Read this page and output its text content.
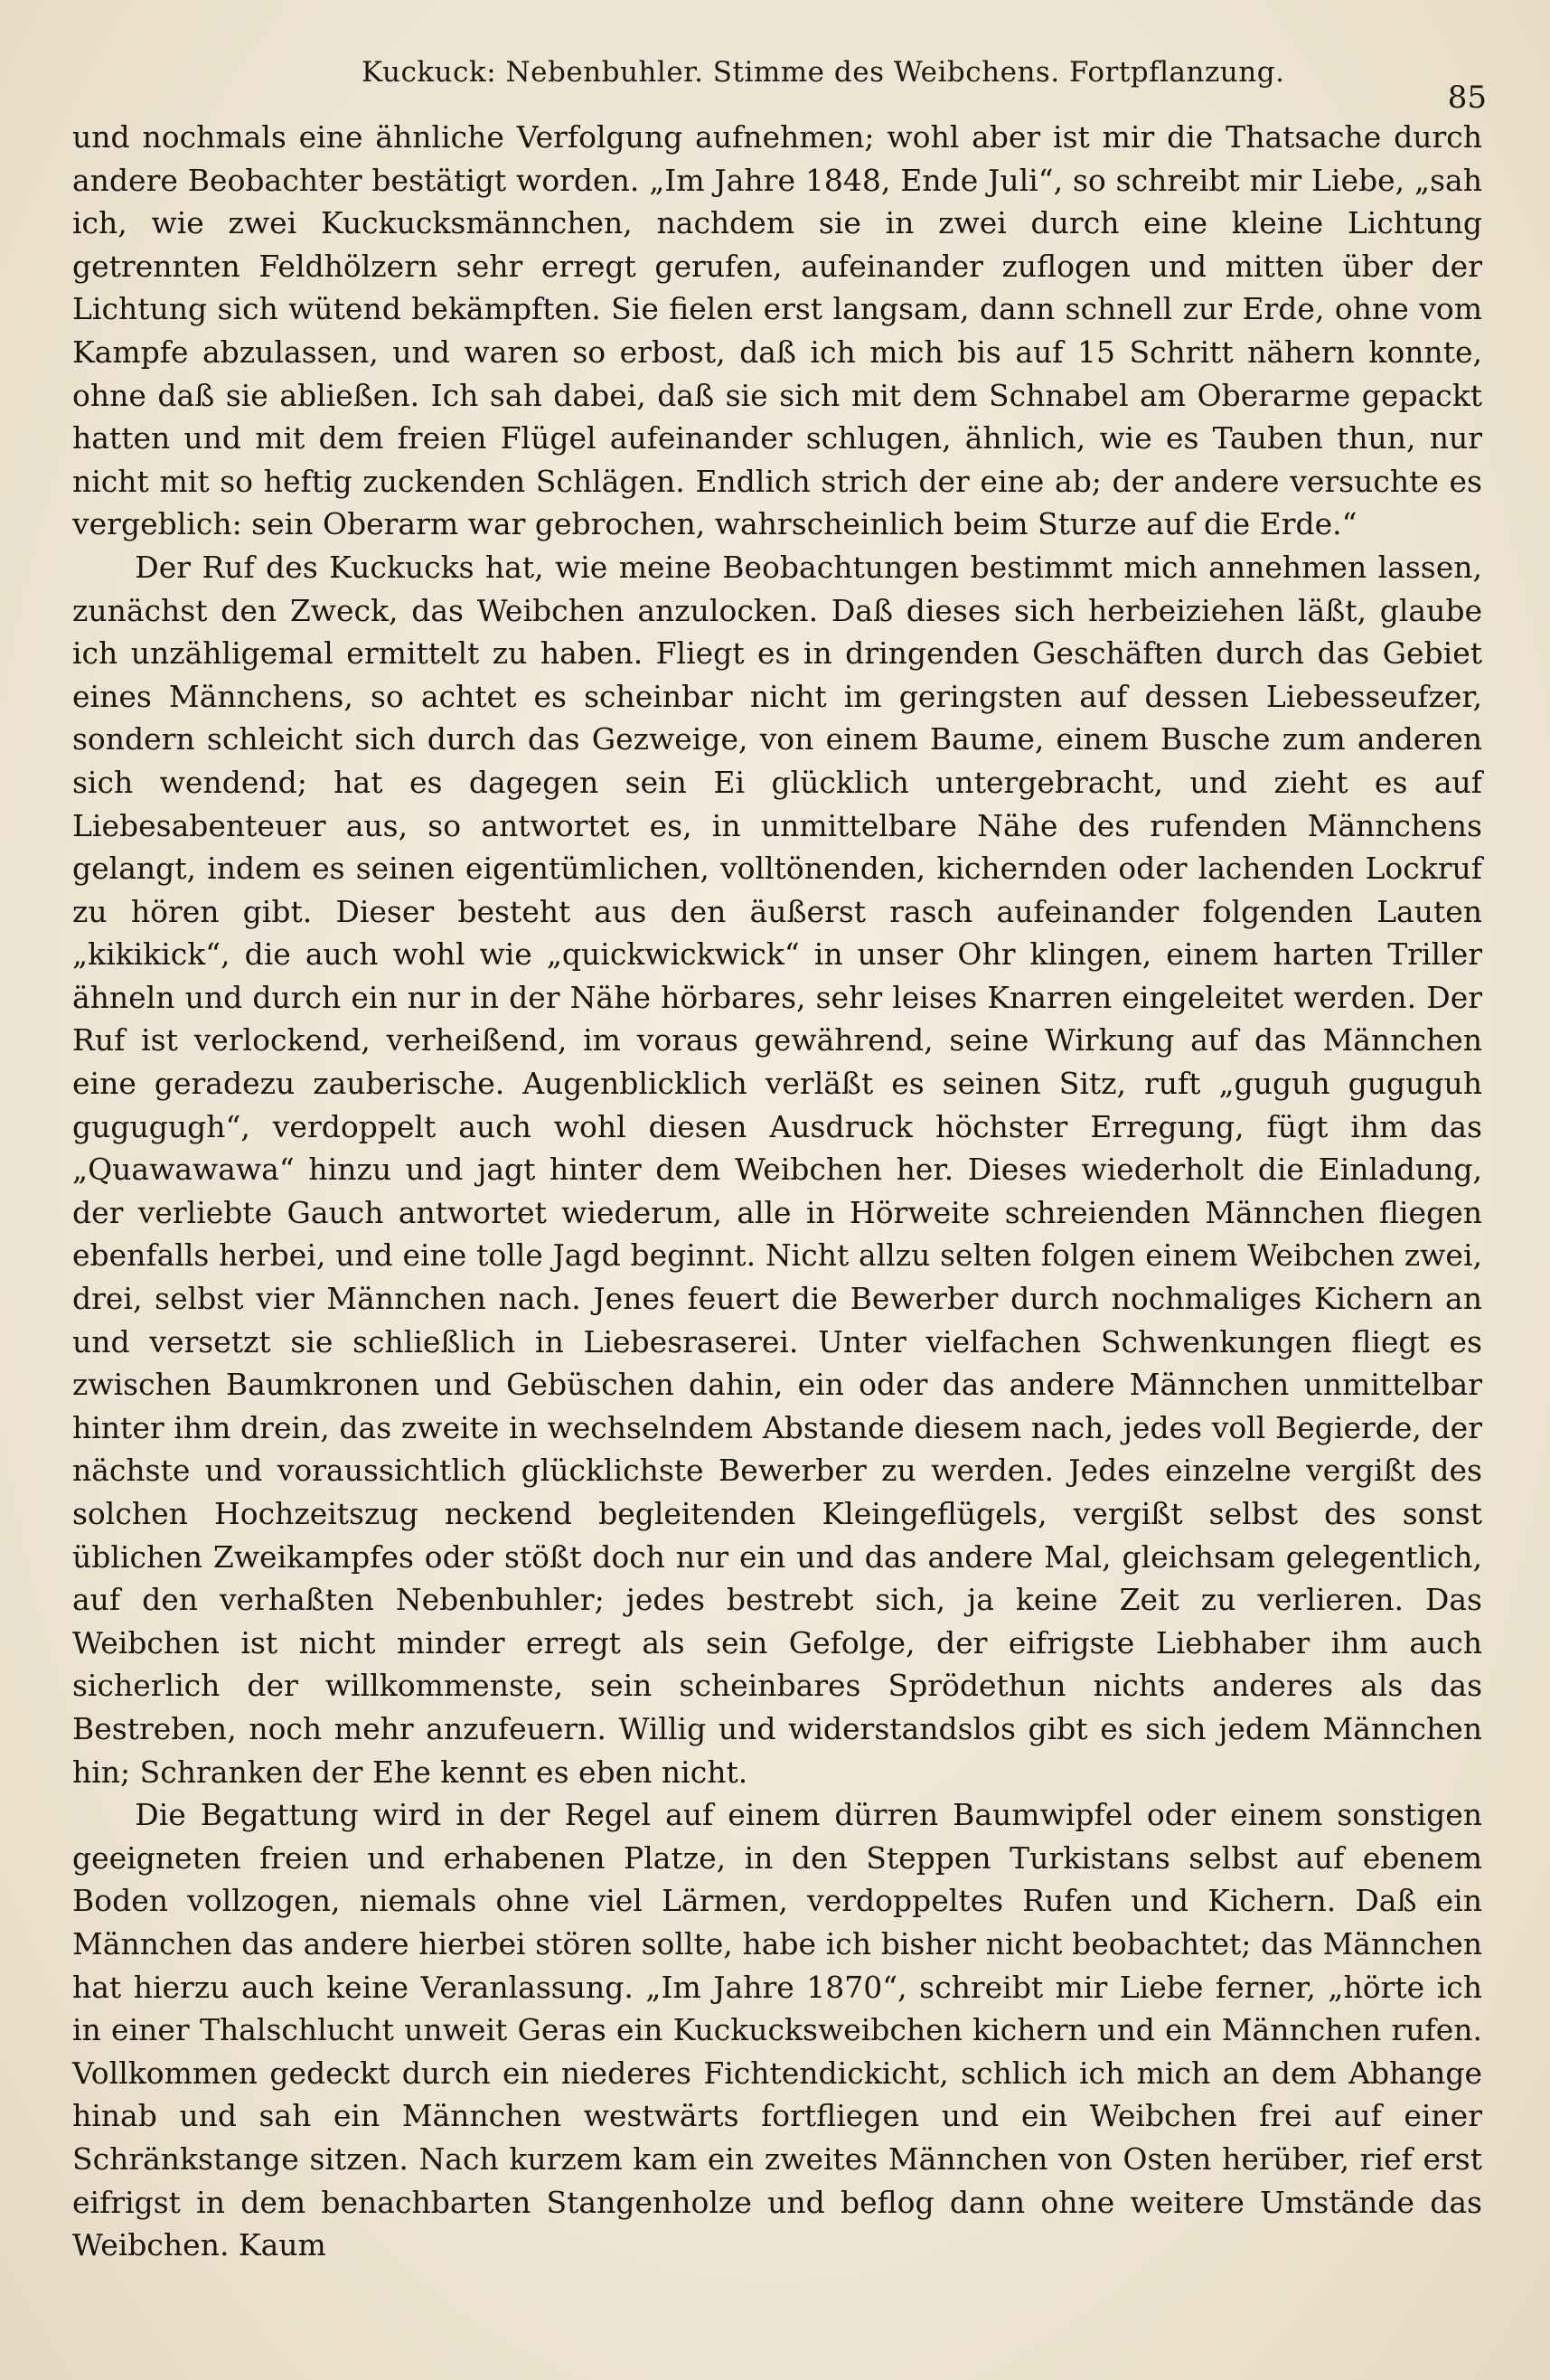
Kuckuck: Nebenbuhler. Stimme des Weibchens. Fortpflanzung.
85

und nochmals eine ähnliche Verfolgung aufnehmen; wohl aber ist mir die Thatsache durch andere Beobachter bestätigt worden. „Im Jahre 1848, Ende Juli“, so schreibt mir Liebe, „sah ich, wie zwei Kuckucksmännchen, nachdem sie in zwei durch eine kleine Lichtung getrennten Feldhölzern sehr erregt gerufen, aufeinander zuflogen und mitten über der Lichtung sich wütend bekämpften. Sie fielen erst langsam, dann schnell zur Erde, ohne vom Kampfe abzulassen, und waren so erbost, daß ich mich bis auf 15 Schritt nähern konnte, ohne daß sie abließen. Ich sah dabei, daß sie sich mit dem Schnabel am Oberarme gepackt hatten und mit dem freien Flügel aufeinander schlugen, ähnlich, wie es Tauben thun, nur nicht mit so heftig zuckenden Schlägen. Endlich strich der eine ab; der andere versuchte es vergeblich: sein Oberarm war gebrochen, wahrscheinlich beim Sturze auf die Erde.“

Der Ruf des Kuckucks hat, wie meine Beobachtungen bestimmt mich annehmen lassen, zunächst den Zweck, das Weibchen anzulocken. Daß dieses sich herbeiziehen läßt, glaube ich unzähligemal ermittelt zu haben. Fliegt es in dringenden Geschäften durch das Gebiet eines Männchens, so achtet es scheinbar nicht im geringsten auf dessen Liebesseufzer, sondern schleicht sich durch das Gezweige, von einem Baume, einem Busche zum anderen sich wendend; hat es dagegen sein Ei glücklich untergebracht, und zieht es auf Liebesabenteuer aus, so antwortet es, in unmittelbare Nähe des rufenden Männchens gelangt, indem es seinen eigentümlichen, volltönenden, kichernden oder lachenden Lockruf zu hören gibt. Dieser besteht aus den äußerst rasch aufeinander folgenden Lauten „kikikick“, die auch wohl wie „quickwickwick“ in unser Ohr klingen, einem harten Triller ähneln und durch ein nur in der Nähe hörbares, sehr leises Knarren eingeleitet werden. Der Ruf ist verlockend, verheißend, im voraus gewährend, seine Wirkung auf das Männchen eine geradezu zauberische. Augenblicklich verläßt es seinen Sitz, ruft „guguh guguguh gugugugh“, verdoppelt auch wohl diesen Ausdruck höchster Erregung, fügt ihm das „Quawawawa“ hinzu und jagt hinter dem Weibchen her. Dieses wiederholt die Einladung, der verliebte Gauch antwortet wiederum, alle in Hörweite schreienden Männchen fliegen ebenfalls herbei, und eine tolle Jagd beginnt. Nicht allzu selten folgen einem Weibchen zwei, drei, selbst vier Männchen nach. Jenes feuert die Bewerber durch nochmaliges Kichern an und versetzt sie schließlich in Liebesraserei. Unter vielfachen Schwenkungen fliegt es zwischen Baumkronen und Gebüschen dahin, ein oder das andere Männchen unmittelbar hinter ihm drein, das zweite in wechselndem Abstande diesem nach, jedes voll Begierde, der nächste und voraussichtlich glücklichste Bewerber zu werden. Jedes einzelne vergißt des solchen Hochzeitszug neckend begleitenden Kleingeflügels, vergißt selbst des sonst üblichen Zweikampfes oder stößt doch nur ein und das andere Mal, gleichsam gelegentlich, auf den verhaßten Nebenbuhler; jedes bestrebt sich, ja keine Zeit zu verlieren. Das Weibchen ist nicht minder erregt als sein Gefolge, der eifrigste Liebhaber ihm auch sicherlich der willkommenste, sein scheinbares Sprödethun nichts anderes als das Bestreben, noch mehr anzufeuern. Willig und widerstandslos gibt es sich jedem Männchen hin; Schranken der Ehe kennt es eben nicht.

Die Begattung wird in der Regel auf einem dürren Baumwipfel oder einem sonstigen geeigneten freien und erhabenen Platze, in den Steppen Turkistans selbst auf ebenem Boden vollzogen, niemals ohne viel Lärmen, verdoppeltes Rufen und Kichern. Daß ein Männchen das andere hierbei stören sollte, habe ich bisher nicht beobachtet; das Männchen hat hierzu auch keine Veranlassung. „Im Jahre 1870“, schreibt mir Liebe ferner, „hörte ich in einer Thalschlucht unweit Geras ein Kuckucksweibchen kichern und ein Männchen rufen. Vollkommen gedeckt durch ein niederes Fichtendickicht, schlich ich mich an dem Abhange hinab und sah ein Männchen westwärts fortfliegen und ein Weibchen frei auf einer Schränkstange sitzen. Nach kurzem kam ein zweites Männchen von Osten herüber, rief erst eifrigst in dem benachbarten Stangenholze und beflog dann ohne weitere Umstände das Weibchen. Kaum
